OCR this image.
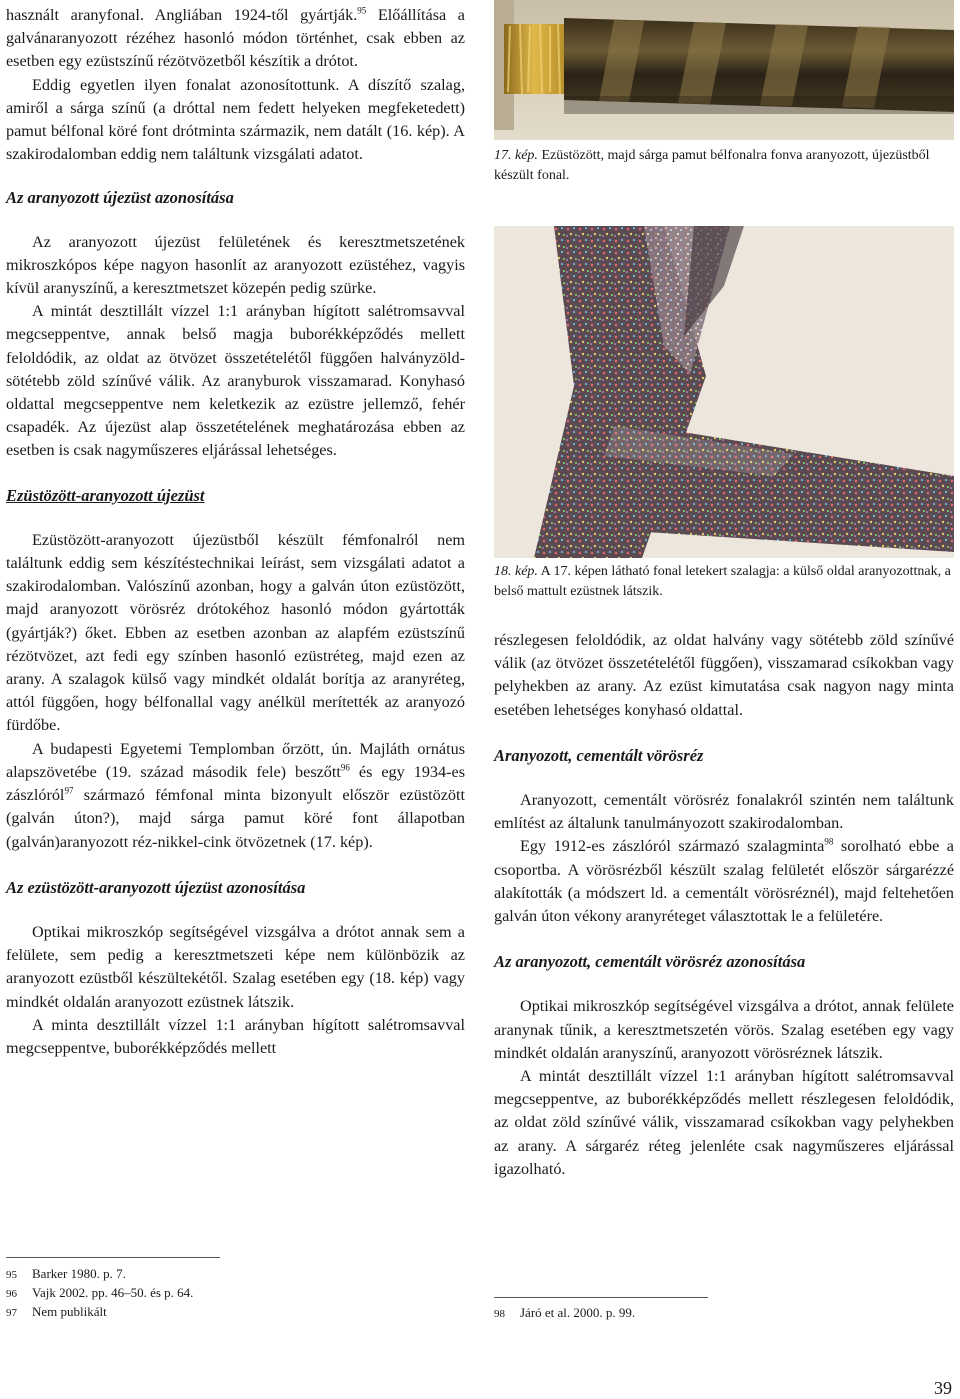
használt aranyfonal. Angliában 1924-től gyártják.$^{95}$ Előállítása a galvánaranyozott rézéhez hasonló módon történhet, csak ebben az esetben egy ezüstszínű rézötvözetből készítik a drótot.

Eddig egyetlen ilyen fonalat azonosítottunk. A díszítő szalag, amiről a sárga színű (a dróttal nem fedett helyeken megfeketedett) pamut bélfonal köré font drótminta származik, nem datált (16. kép). A szakirodalomban eddig nem találtunk vizsgálati adatot.

Az aranyozott újezüst azonosítása

Az aranyozott újezüst felületének és keresztmetszetének mikroszkópos képe nagyon hasonlít az aranyozott ezüstéhez, vagyis kívül aranyszínű, a keresztmetszet közepén pedig szürke.

A mintát desztillált vízzel 1:1 arányban hígított salétromsavval megcseppentve, annak belső magja buborékképződés mellett feloldódik, az oldat az ötvözet összetételétől függően halványzöld-sötétebb zöld színűvé válik. Az aranyburok visszamarad. Konyhasó oldattal megcseppentve nem keletkezik az ezüstre jellemző, fehér csapadék. Az újezüst alap összetételének meghatározása ebben az esetben is csak nagyműszeres eljárással lehetséges.

Ezüstözött-aranyozott újezüst

Ezüstözött-aranyozott újezüstből készült fémfonalról nem találtunk eddig sem készítéstechnikai leírást, sem vizsgálati adatot a szakirodalomban. Valószínű azonban, hogy a galván úton ezüstözött, majd aranyozott vörösréz drótokéhoz hasonló módon gyártották (gyártják?) őket. Ebben az esetben azonban az alapfém ezüstszínű rézötvözet, azt fedi egy színben hasonló ezüstréteg, majd ezen az arany. A szalagok külső vagy mindkét oldalát borítja az aranyréteg, attól függően, hogy bélfonallal vagy anélkül merítették az aranyozó fürdőbe.

A budapesti Egyetemi Templomban őrzött, ún. Majláth ornátus alapszövetébe (19. század második fele) beszőtt$^{96}$ és egy 1934-es zászlóról$^{97}$ származó fémfonal minta bizonyult először ezüstözött (galván úton?), majd sárga pamut köré font állapotban (galván)aranyozott réz-nikkel-cink ötvözetnek (17. kép).

Az ezüstözött-aranyozott újezüst azonosítása

Optikai mikroszkóp segítségével vizsgálva a drótot annak sem a felülete, sem pedig a keresztmetszeti képe nem különbözik az aranyozott ezüstből készültekétől. Szalag esetében egy (18. kép) vagy mindkét oldalán aranyozott ezüstnek látszik.

A minta desztillált vízzel 1:1 arányban hígított salétromsavval megcseppentve, buborékképződés mellett

95 Barker 1980. p. 7.
96 Vajk 2002. pp. 46–50. és p. 64.
97 Nem publikált
17. kép. Ezüstözött, majd sárga pamut bélfonalra fonva aranyozott, újezüstből készült fonal.
18. kép. A 17. képen látható fonal letekert szalagja: a külső oldal aranyozottnak, a belső mattult ezüstnek látszik.

részlegesen feloldódik, az oldat halvány vagy sötétebb zöld színűvé válik (az ötvözet összetételétől függően), visszamarad csíkokban vagy pelyhekben az arany. Az ezüst kimutatása csak nagyon nagy minta esetében lehetséges konyhasó oldattal.

Aranyozott, cementált vörösréz

Aranyozott, cementált vörösréz fonalakról szintén nem találtunk említést az általunk tanulmányozott szakirodalomban.

Egy 1912-es zászlóról származó szalagminta$^{98}$ sorolható ebbe a csoportba. A vörösrézből készült szalag felületét először sárgarézzé alakították (a módszert ld. a cementált vörösréznél), majd feltehetően galván úton vékony aranyréteget választottak le a felületére.

Az aranyozott, cementált vörösréz azonosítása

Optikai mikroszkóp segítségével vizsgálva a drótot, annak felülete aranynak tűnik, a keresztmetszetén vörös. Szalag esetében egy vagy mindkét oldalán aranyszínű, aranyozott vörösréznek látszik.

A mintát desztillált vízzel 1:1 arányban hígított salétromsavval megcseppentve, az buborékképződés mellett részlegesen feloldódik, az oldat zöld színűvé válik, visszamarad csíkokban vagy pelyhekben az arany. A sárgaréz réteg jelenléte csak nagyműszeres eljárással igazolható.

98 Járó et al. 2000. p. 99.
39
